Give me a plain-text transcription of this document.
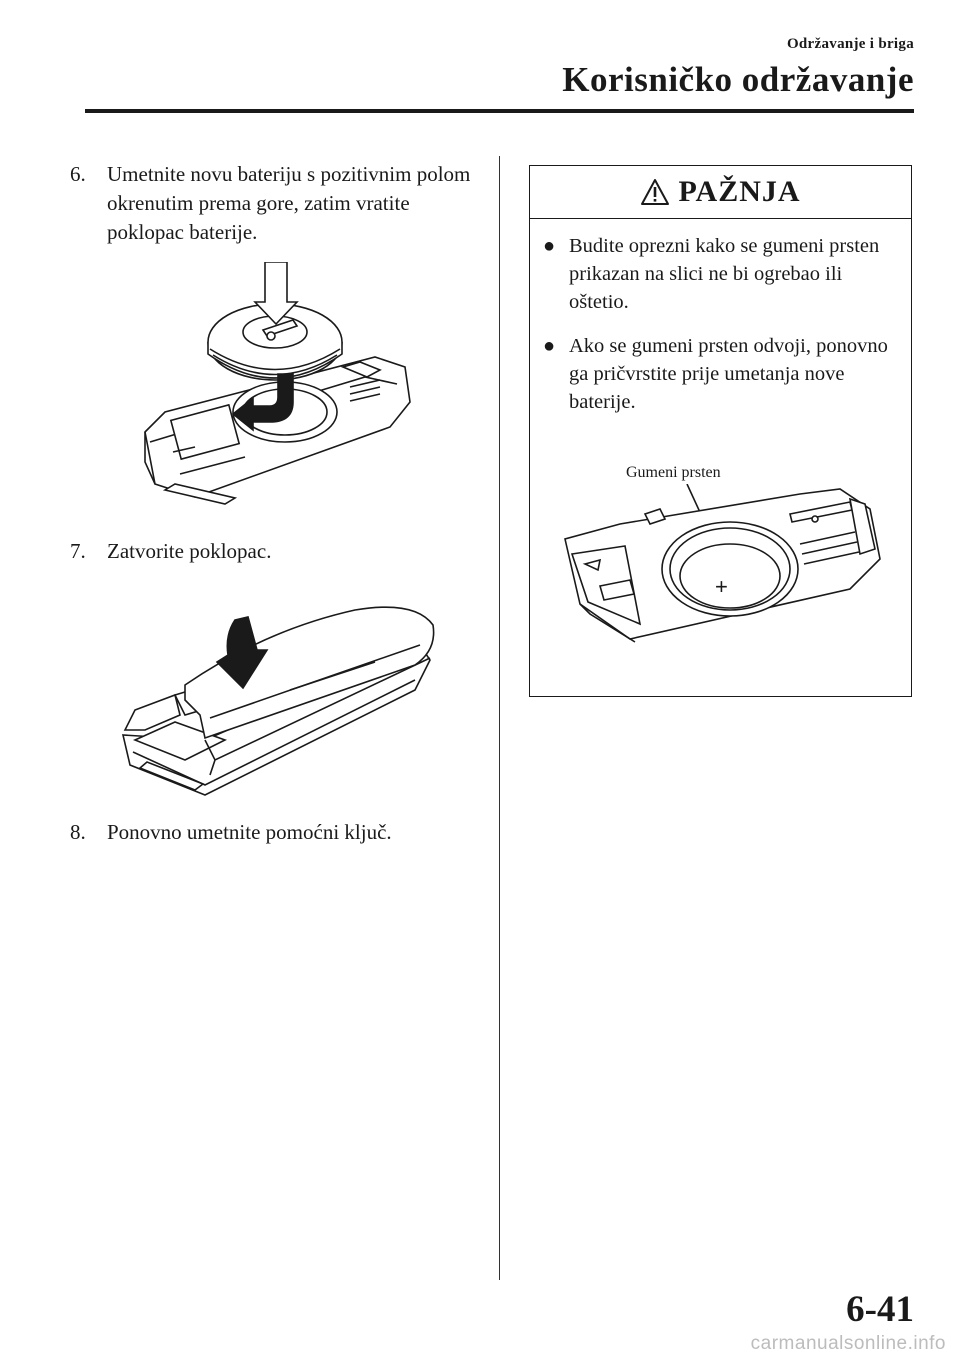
Održavanje i briga
Korisničko održavanje
6. Umetnite novu bateriju s pozitivnim polom okrenutim prema gore, zatim vratite poklopac baterije.
7. Zatvorite poklopac.
8. Ponovno umetnite pomoćni ključ.
PAŽNJA
● Budite oprezni kako se gumeni prsten prikazan na slici ne bi ogrebao ili oštetio.
● Ako se gumeni prsten odvoji, ponovno ga pričvrstite prije umetanja nove baterije.
Gumeni prsten
+
6-41
carmanualsonline.info
